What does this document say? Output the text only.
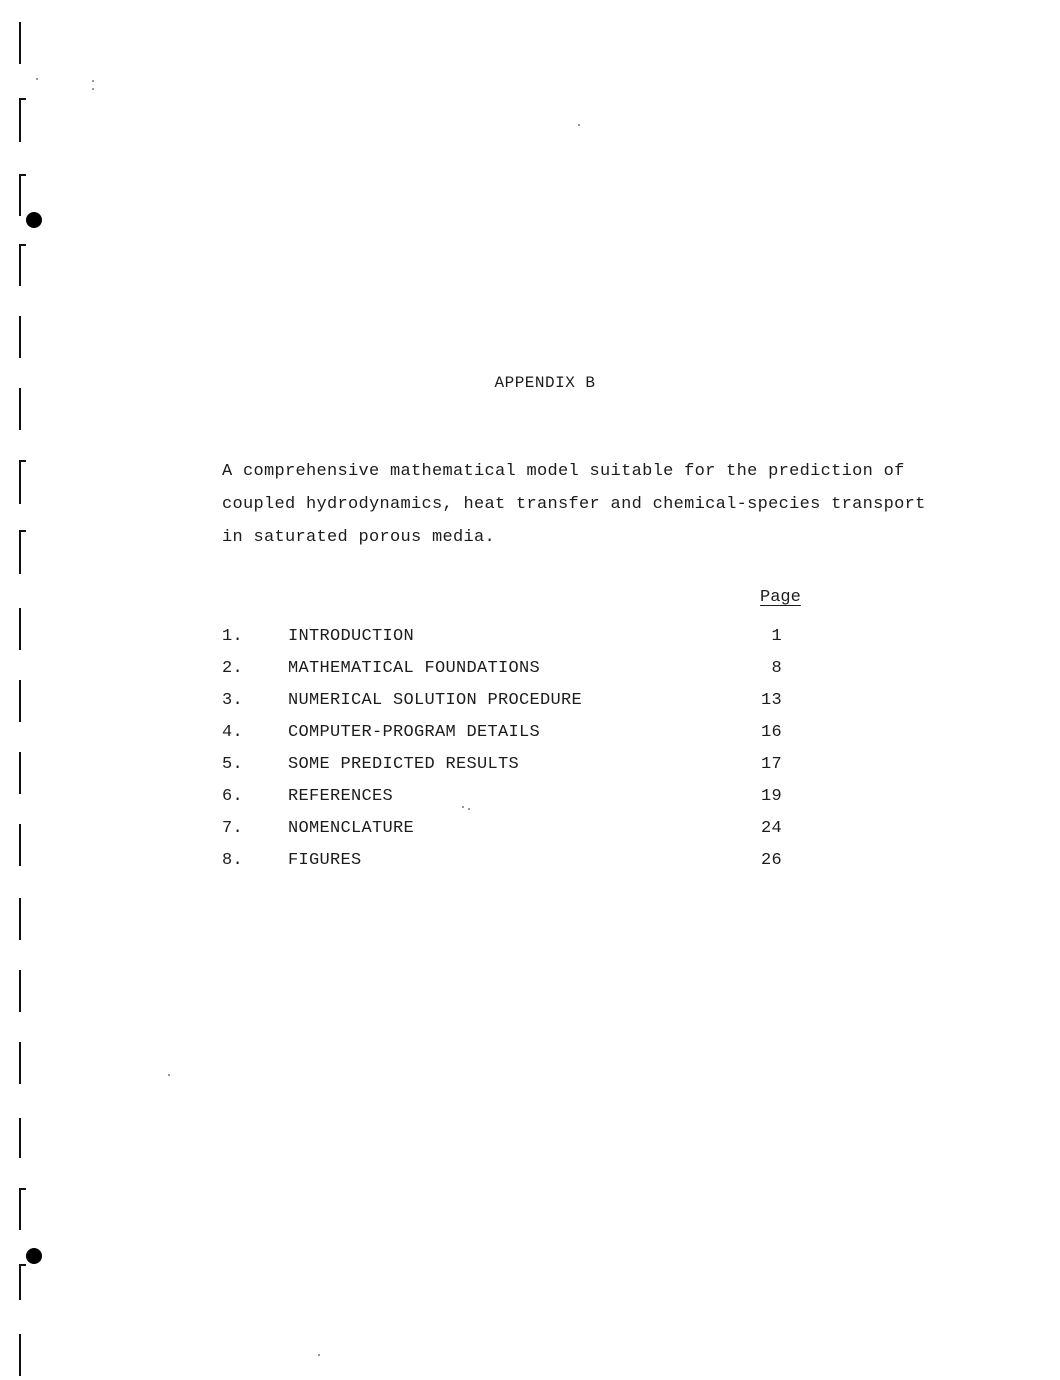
APPENDIX B
A comprehensive mathematical model suitable for the prediction of
coupled hydrodynamics, heat transfer and chemical-species transport
in saturated porous media.
Page
1.	INTRODUCTION	1
2.	MATHEMATICAL FOUNDATIONS	8
3.	NUMERICAL SOLUTION PROCEDURE	13
4.	COMPUTER-PROGRAM DETAILS	16
5.	SOME PREDICTED RESULTS	17
6.	REFERENCES	19
7.	NOMENCLATURE	24
8.	FIGURES	26
